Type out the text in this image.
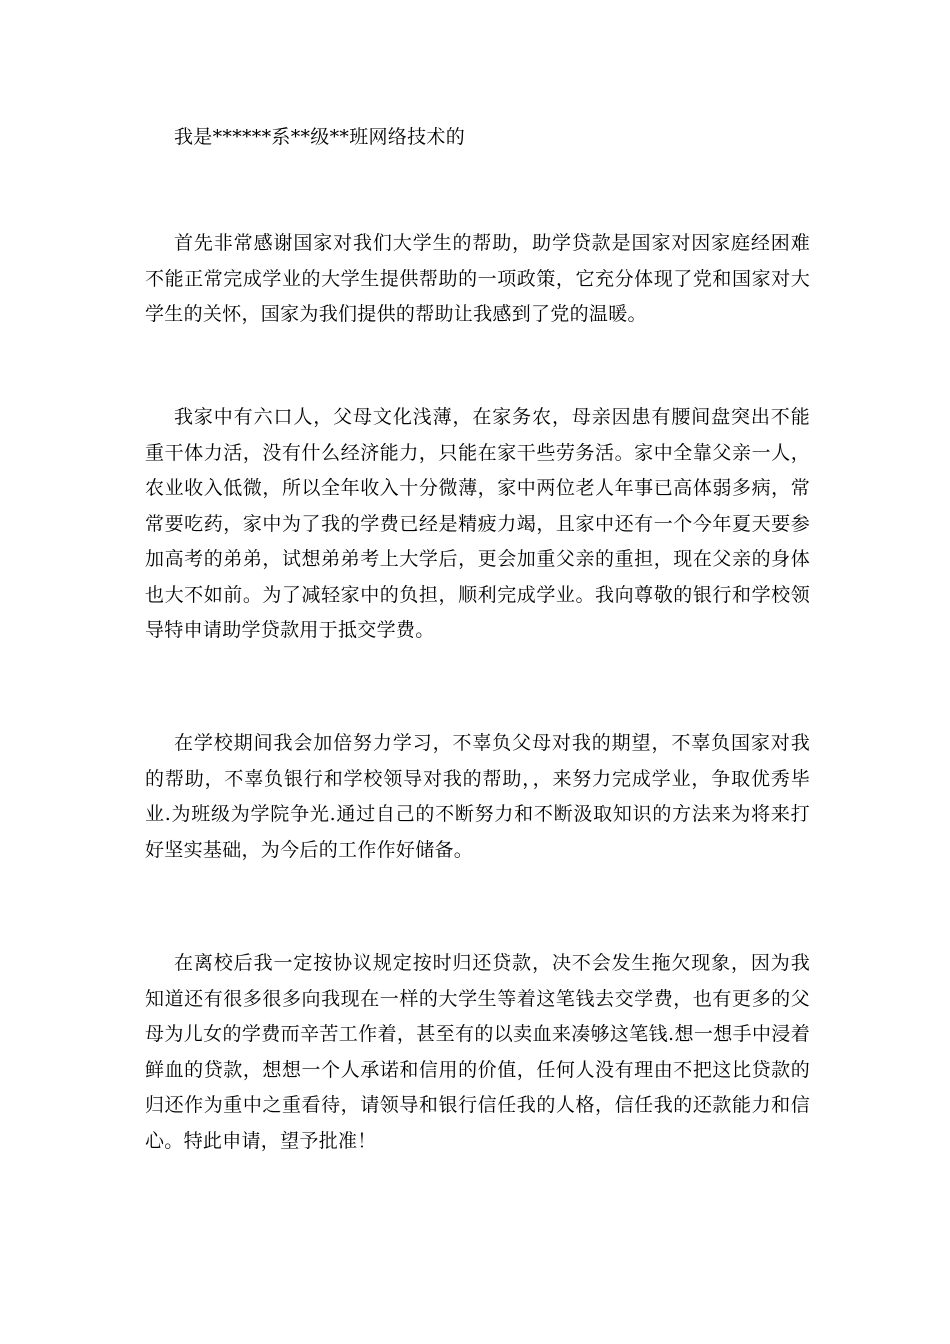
我是******系**级**班网络技术的

首先非常感谢国家对我们大学生的帮助，助学贷款是国家对因家庭经困难不能正常完成学业的大学生提供帮助的一项政策，它充分体现了党和国家对大学生的关怀，国家为我们提供的帮助让我感到了党的温暖。

我家中有六口人，父母文化浅薄，在家务农，母亲因患有腰间盘突出不能重干体力活，没有什么经济能力，只能在家干些劳务活。家中全靠父亲一人，农业收入低微，所以全年收入十分微薄，家中两位老人年事已高体弱多病，常常要吃药，家中为了我的学费已经是精疲力竭，且家中还有一个今年夏天要参加高考的弟弟，试想弟弟考上大学后，更会加重父亲的重担，现在父亲的身体也大不如前。为了减轻家中的负担，顺利完成学业。我向尊敬的银行和学校领导特申请助学贷款用于抵交学费。

在学校期间我会加倍努力学习，不辜负父母对我的期望，不辜负国家对我的帮助，不辜负银行和学校领导对我的帮助，，来努力完成学业，争取优秀毕业.为班级为学院争光.通过自己的不断努力和不断汲取知识的方法来为将来打好坚实基础，为今后的工作作好储备。

在离校后我一定按协议规定按时归还贷款，决不会发生拖欠现象，因为我知道还有很多很多向我现在一样的大学生等着这笔钱去交学费，也有更多的父母为儿女的学费而辛苦工作着，甚至有的以卖血来凑够这笔钱.想一想手中浸着鲜血的贷款，想想一个人承诺和信用的价值，任何人没有理由不把这比贷款的归还作为重中之重看待，请领导和银行信任我的人格，信任我的还款能力和信心。特此申请，望予批准！
